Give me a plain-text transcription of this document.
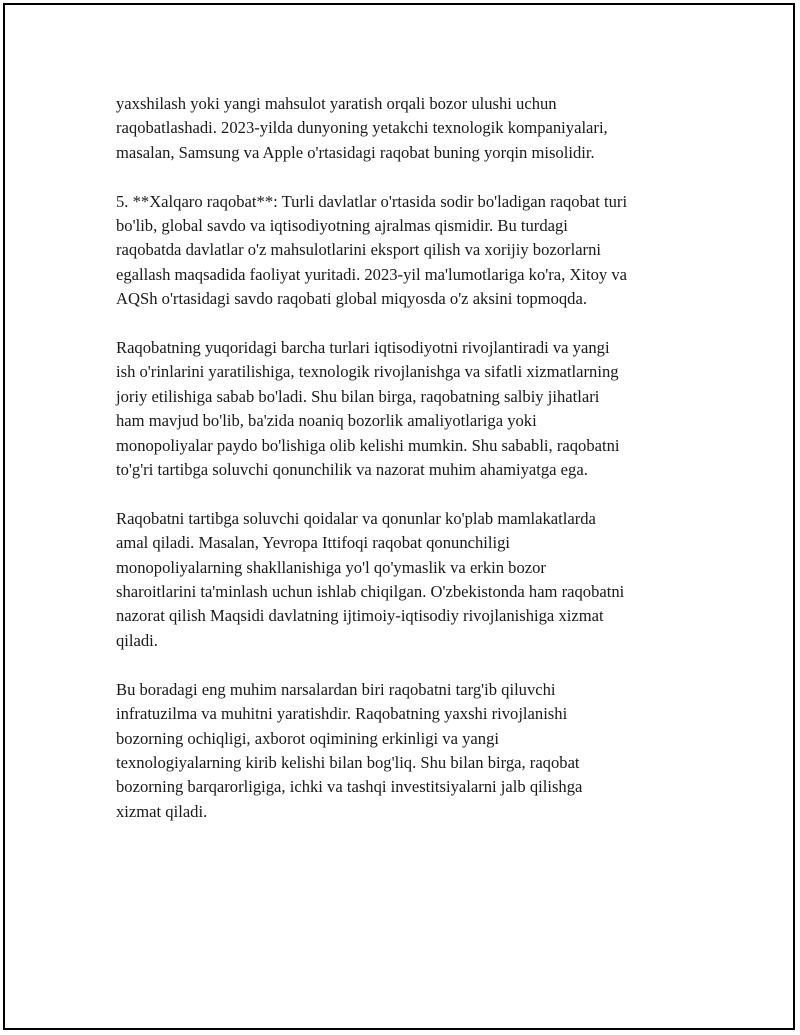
yaxshilash yoki yangi mahsulot yaratish orqali bozor ulushi uchun
raqobatlashadi. 2023-yilda dunyoning yetakchi texnologik kompaniyalari,
masalan, Samsung va Apple o'rtasidagi raqobat buning yorqin misolidir.

5. **Xalqaro raqobat**: Turli davlatlar o'rtasida sodir bo'ladigan raqobat turi
bo'lib, global savdo va iqtisodiyotning ajralmas qismidir. Bu turdagi
raqobatda davlatlar o'z mahsulotlarini eksport qilish va xorijiy bozorlarni
egallash maqsadida faoliyat yuritadi. 2023-yil ma'lumotlariga ko'ra, Xitoy va
AQSh o'rtasidagi savdo raqobati global miqyosda o'z aksini topmoqda.

Raqobatning yuqoridagi barcha turlari iqtisodiyotni rivojlantiradi va yangi
ish o'rinlarini yaratilishiga, texnologik rivojlanishga va sifatli xizmatlarning
joriy etilishiga sabab bo'ladi. Shu bilan birga, raqobatning salbiy jihatlari
ham mavjud bo'lib, ba'zida noaniq bozorlik amaliyotlariga yoki
monopoliyalar paydo bo'lishiga olib kelishi mumkin. Shu sababli, raqobatni
to'g'ri tartibga soluvchi qonunchilik va nazorat muhim ahamiyatga ega.

Raqobatni tartibga soluvchi qoidalar va qonunlar ko'plab mamlakatlarda
amal qiladi. Masalan, Yevropa Ittifoqi raqobat qonunchiligi
monopoliyalarning shakllanishiga yo'l qo'ymaslik va erkin bozor
sharoitlarini ta'minlash uchun ishlab chiqilgan. O'zbekistonda ham raqobatni
nazorat qilish Maqsidi davlatning ijtimoiy-iqtisodiy rivojlanishiga xizmat
qiladi.

Bu boradagi eng muhim narsalardan biri raqobatni targ'ib qiluvchi
infratuzilma va muhitni yaratishdir. Raqobatning yaxshi rivojlanishi
bozorning ochiqligi, axborot oqimining erkinligi va yangi
texnologiyalarning kirib kelishi bilan bog'liq. Shu bilan birga, raqobat
bozorning barqarorligiga, ichki va tashqi investitsiyalarni jalb qilishga
xizmat qiladi.
